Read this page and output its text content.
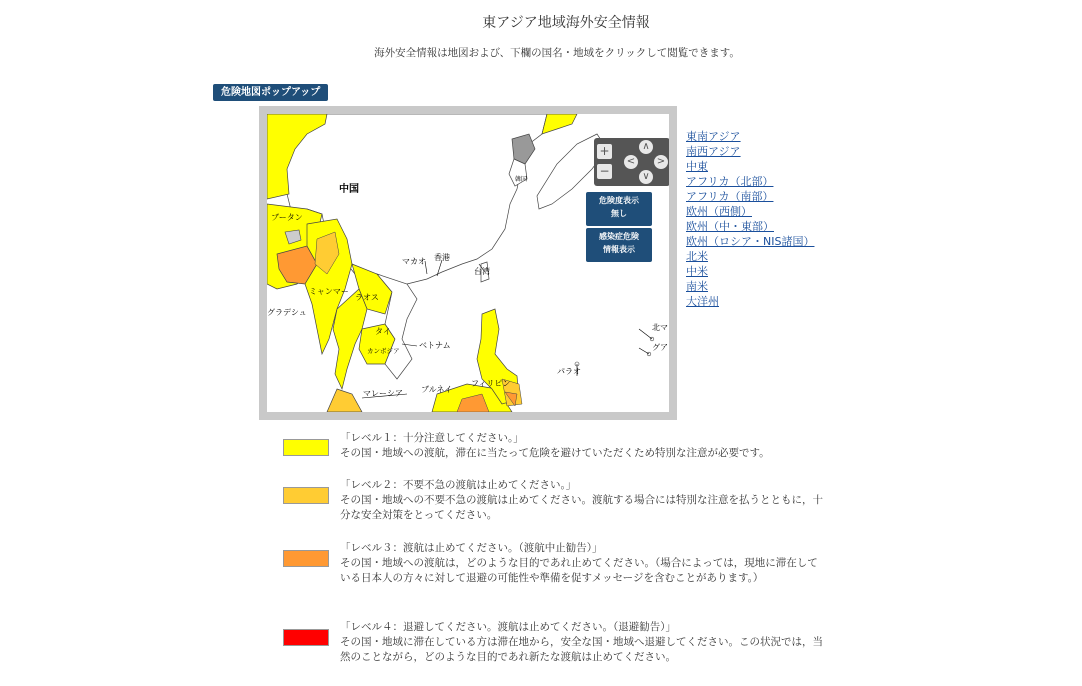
東アジア地域海外安全情報
海外安全情報は地図および、下欄の国名・地域をクリックして閲覧できます。
危険地図ポップアップ
中国
ブータン
グラデシュ
ミャンマー
ラオス
タイ
カンボジア
ベトナム
マカオ 香港
台湾
韓国
フィリピン
パラオ
ブルネイ
マレーシア
北マ
グア
+
−
∧
< >
∨
危険度表示
無し
感染症危険
情報表示
東南アジア
南西アジア
中東
アフリカ（北部）
アフリカ（南部）
欧州（西側）
欧州（中・東部）
欧州（ロシア・NIS諸国）
北米
中米
南米
大洋州
「レベル１：十分注意してください。」
その国・地域への渡航，滞在に当たって危険を避けていただくため特別な注意が必要です。
「レベル２：不要不急の渡航は止めてください。」
その国・地域への不要不急の渡航は止めてください。渡航する場合には特別な注意を払うとともに，十分な安全対策をとってください。
「レベル３：渡航は止めてください。（渡航中止勧告）」
その国・地域への渡航は，どのような目的であれ止めてください。（場合によっては，現地に滞在している日本人の方々に対して退避の可能性や準備を促すメッセージを含むことがあります。）
「レベル４：退避してください。渡航は止めてください。（退避勧告）」
その国・地域に滞在している方は滞在地から，安全な国・地域へ退避してください。この状況では，当然のことながら，どのような目的であれ新たな渡航は止めてください。
